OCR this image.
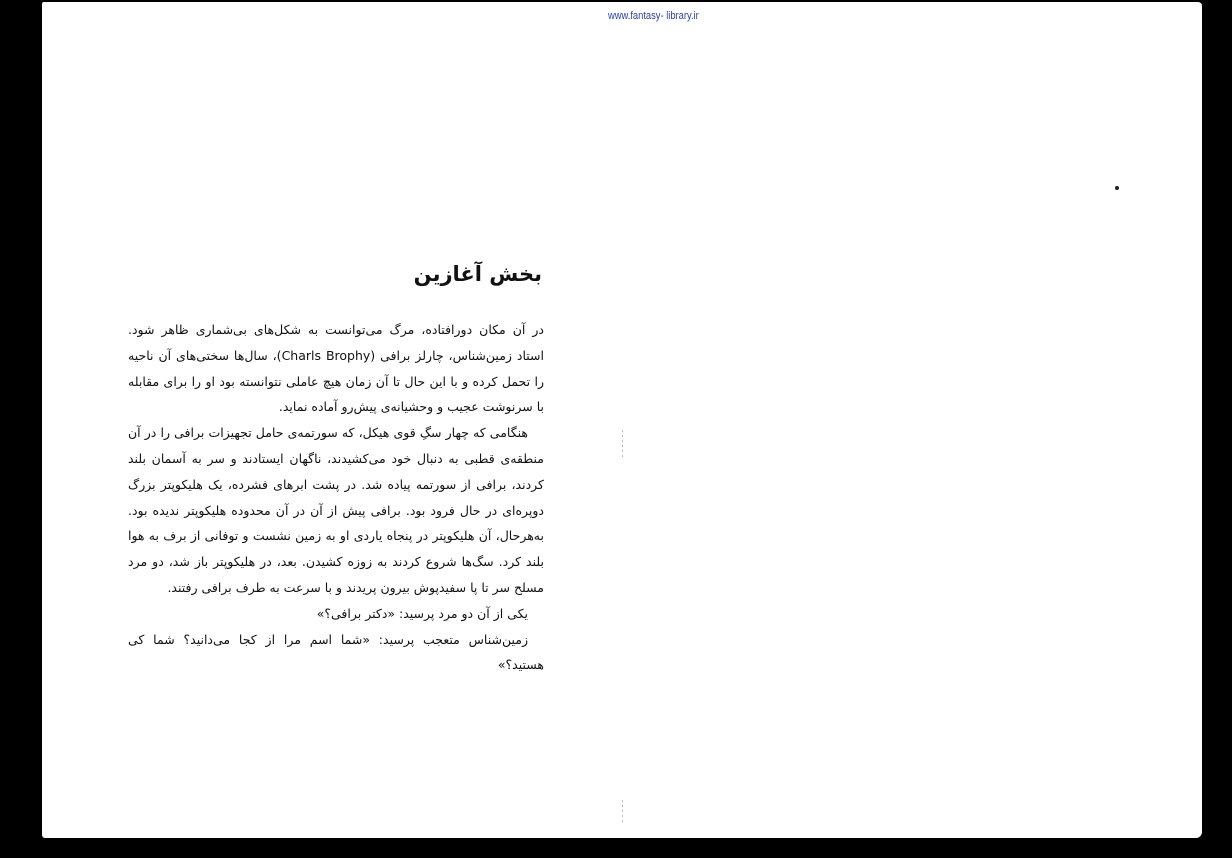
www.fantasy- library.ir
بخش آغازین

در آن مکان دورافتاده، مرگ می‌توانست به شکل‌های بی‌شماری ظاهر شود. استاد زمین‌شناس، چارلز برافی (Charls Brophy)، سال‌ها سختی‌های آن ناحیه را تحمل کرده و با این حال تا آن زمان هیچ عاملی نتوانسته بود او را برای مقابله با سرنوشت عجیب و وحشیانه‌ی پیش‌رو آماده نماید.

هنگامی که چهار سگِ قوی هیکل، که سورتمه‌ی حامل تجهیزات برافی را در آن منطقه‌ی قطبی به دنبال خود می‌کشیدند، ناگهان ایستادند و سر به آسمان بلند کردند، برافی از سورتمه پیاده شد. در پشت ابرهای فشرده، یک هلیکوپتر بزرگ دوپره‌ای در حال فرود بود. برافی پیش از آن در آن محدوده هلیکوپتر ندیده بود. به‌هرحال، آن هلیکوپتر در پنجاه یاردی او به زمین نشست و توفانی از برف به هوا بلند کرد. سگ‌ها شروع کردند به زوزه کشیدن. بعد، در هلیکوپتر باز شد، دو مرد مسلح سر تا پا سفیدپوش بیرون پریدند و با سرعت به طرف برافی رفتند.

یکی از آن دو مرد پرسید: «دکتر برافی؟»

زمین‌شناس متعجب پرسید: «شما اسم مرا از کجا می‌دانید؟ شما کی هستید؟»
